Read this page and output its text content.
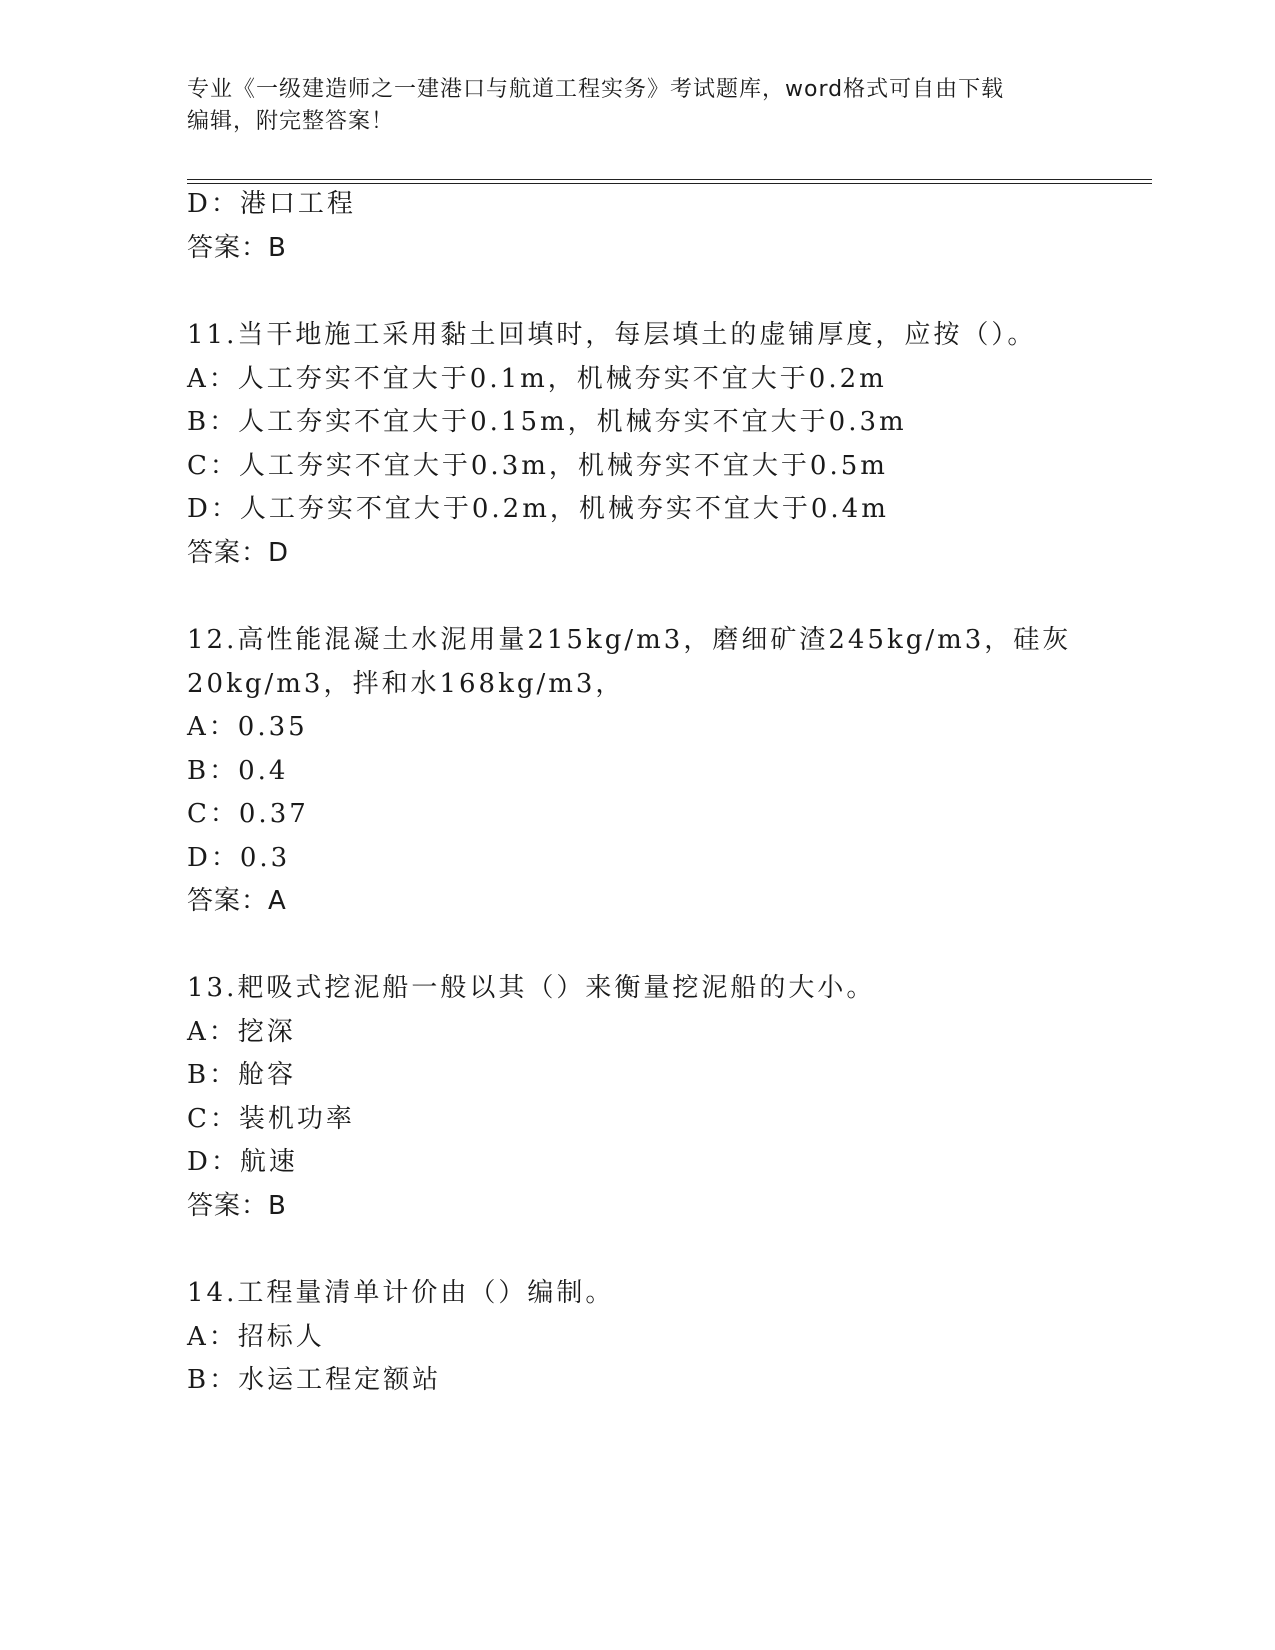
专业《一级建造师之一建港口与航道工程实务》考试题库，word格式可自由下载
编辑，附完整答案！
D：港口工程
答案：B
11.当干地施工采用黏土回填时，每层填土的虚铺厚度，应按（）。
A：人工夯实不宜大于0.1m，机械夯实不宜大于0.2m
B：人工夯实不宜大于0.15m，机械夯实不宜大于0.3m
C：人工夯实不宜大于0.3m，机械夯实不宜大于0.5m
D：人工夯实不宜大于0.2m，机械夯实不宜大于0.4m
答案：D
12.高性能混凝土水泥用量215kg/m3，磨细矿渣245kg/m3，硅灰
20kg/m3，拌和水168kg/m3，
A：0.35
B：0.4
C：0.37
D：0.3
答案：A
13.耙吸式挖泥船一般以其（）来衡量挖泥船的大小。
A：挖深
B：舱容
C：装机功率
D：航速
答案：B
14.工程量清单计价由（）编制。
A：招标人
B：水运工程定额站
